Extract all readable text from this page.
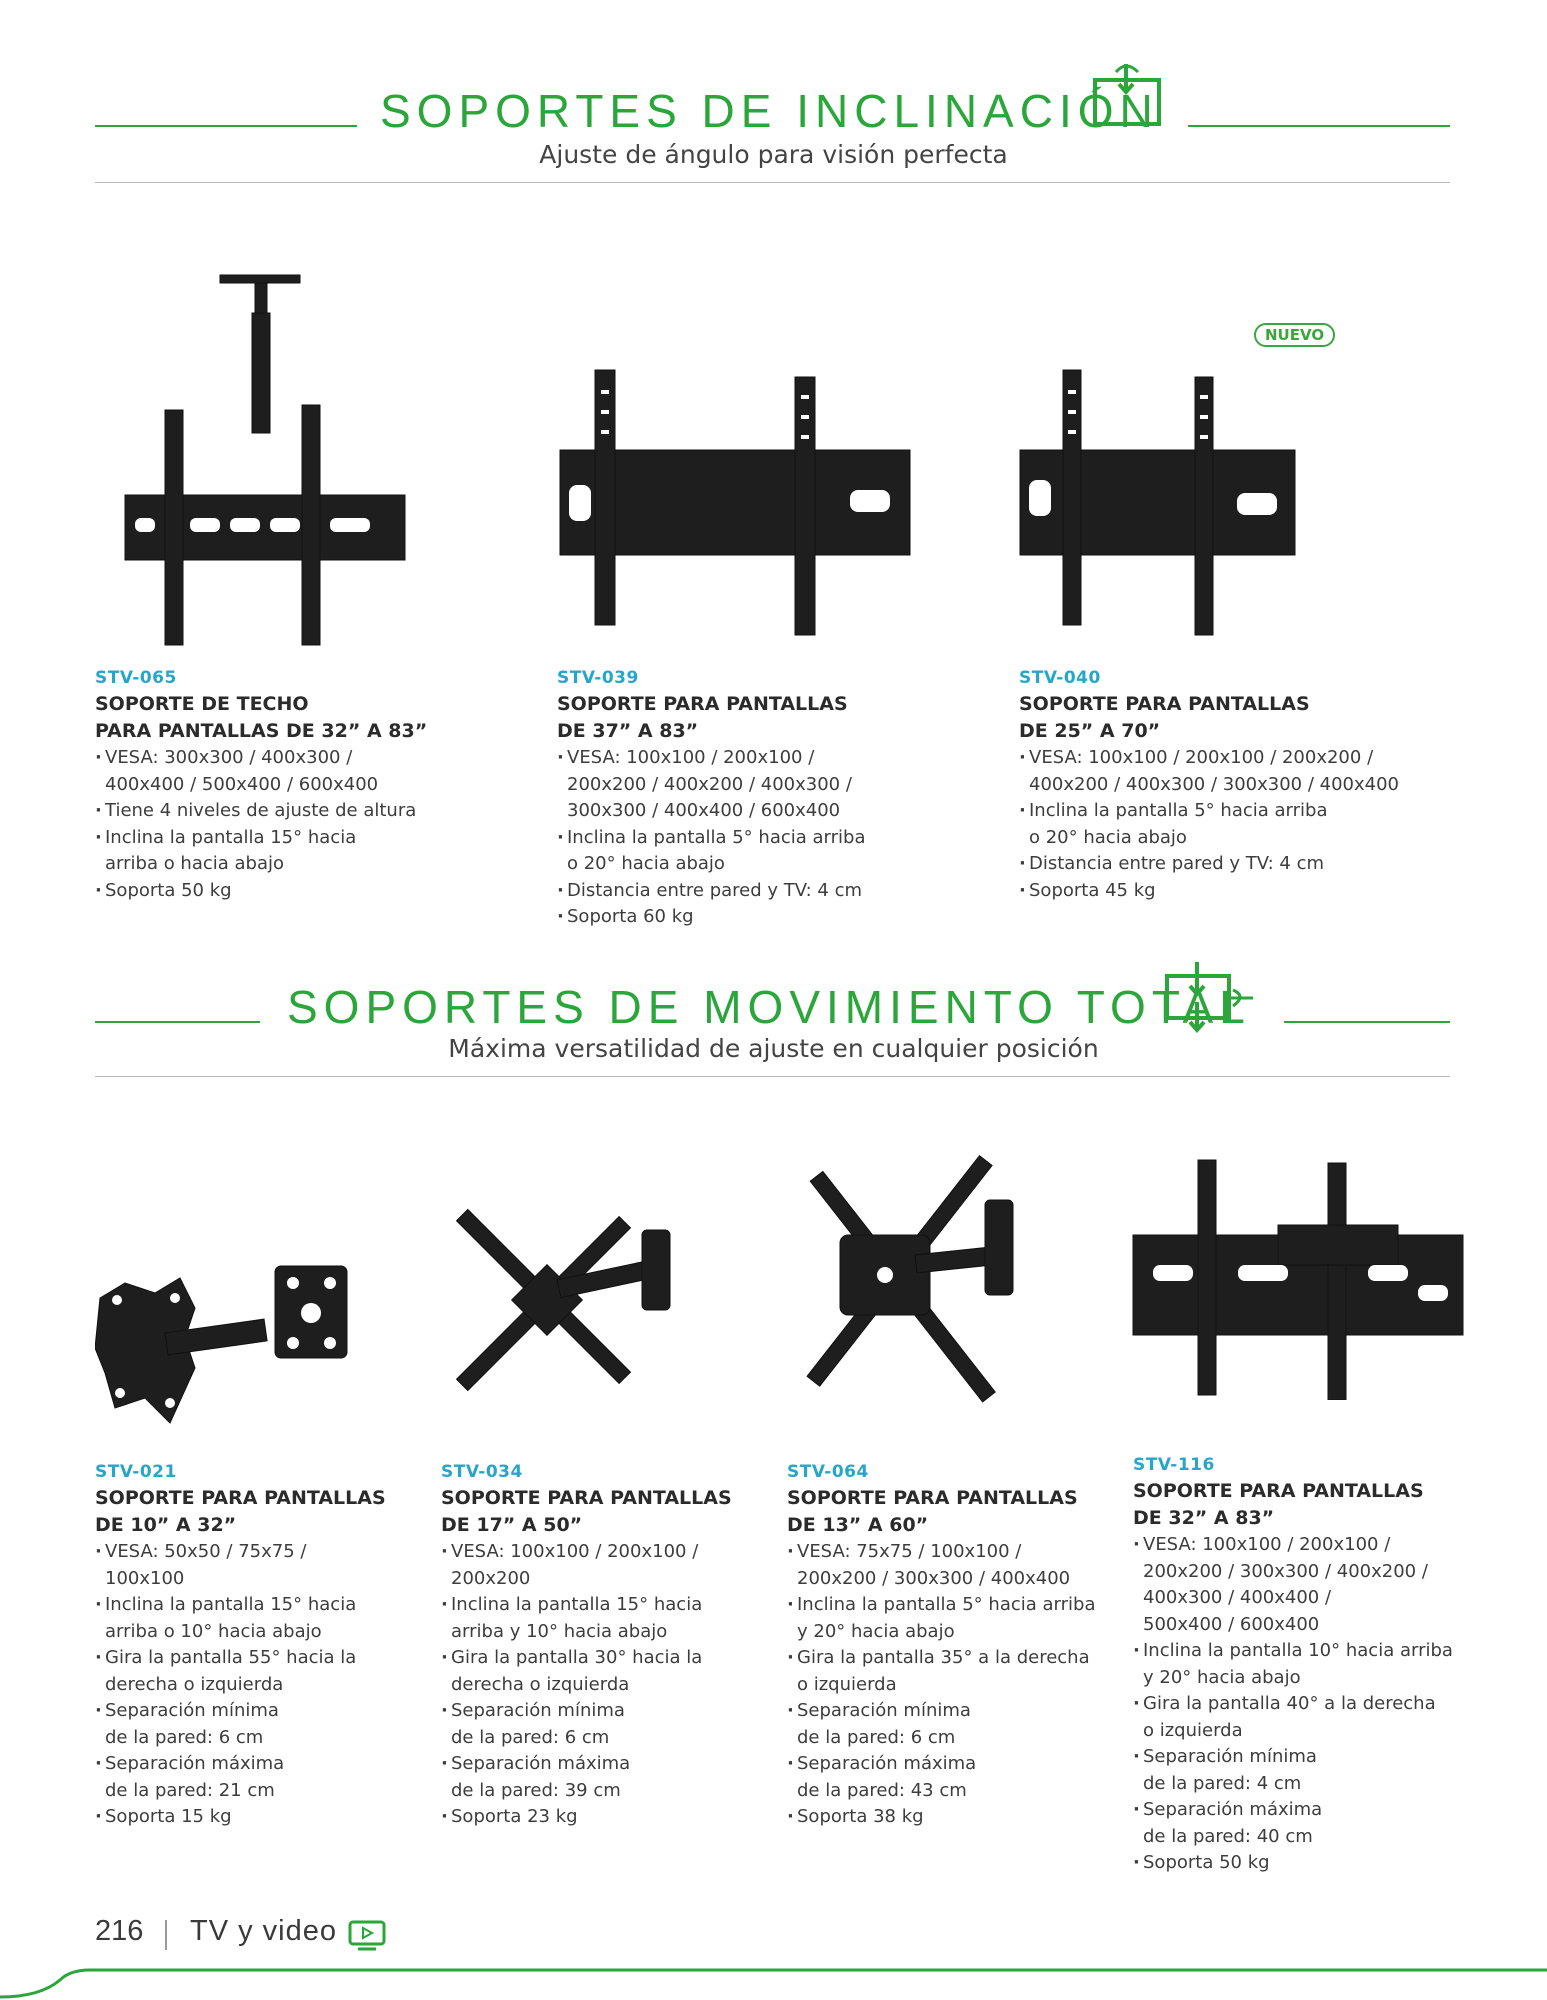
SOPORTES DE INCLINACIÓN

Ajuste de ángulo para visión perfecta

NUEVO
STV-065
SOPORTE DE TECHO
PARA PANTALLAS DE 32” A 83”
· VESA: 300x300 / 400x300 /
400x400 / 500x400 / 600x400
· Tiene 4 niveles de ajuste de altura
· Inclina la pantalla 15° hacia
arriba o hacia abajo
· Soporta 50 kg
STV-039
SOPORTE PARA PANTALLAS
DE 37” A 83”
· VESA: 100x100 / 200x100 /
200x200 / 400x200 / 400x300 /
300x300 / 400x400 / 600x400
· Inclina la pantalla 5° hacia arriba
o 20° hacia abajo
· Distancia entre pared y TV: 4 cm
· Soporta 60 kg
STV-040
SOPORTE PARA PANTALLAS
DE 25” A 70”
· VESA: 100x100 / 200x100 / 200x200 /
400x200 / 400x300 / 300x300 / 400x400
· Inclina la pantalla 5° hacia arriba
o 20° hacia abajo
· Distancia entre pared y TV: 4 cm
· Soporta 45 kg
SOPORTES DE MOVIMIENTO TOTAL

Máxima versatilidad de ajuste en cualquier posición

STV-021
SOPORTE PARA PANTALLAS
DE 10” A 32”
· VESA: 50x50 / 75x75 /
100x100
· Inclina la pantalla 15° hacia
arriba o 10° hacia abajo
· Gira la pantalla 55° hacia la
derecha o izquierda
· Separación mínima
de la pared: 6 cm
· Separación máxima
de la pared: 21 cm
· Soporta 15 kg
STV-034
SOPORTE PARA PANTALLAS
DE 17” A 50”
· VESA: 100x100 / 200x100 /
200x200
· Inclina la pantalla 15° hacia
arriba y 10° hacia abajo
· Gira la pantalla 30° hacia la
derecha o izquierda
· Separación mínima
de la pared: 6 cm
· Separación máxima
de la pared: 39 cm
· Soporta 23 kg
STV-064
SOPORTE PARA PANTALLAS
DE 13” A 60”
· VESA: 75x75 / 100x100 /
200x200 / 300x300 / 400x400
· Inclina la pantalla 5° hacia arriba
y 20° hacia abajo
· Gira la pantalla 35° a la derecha
o izquierda
· Separación mínima
de la pared: 6 cm
· Separación máxima
de la pared: 43 cm
· Soporta 38 kg
STV-116
SOPORTE PARA PANTALLAS
DE 32” A 83”
· VESA: 100x100 / 200x100 /
200x200 / 300x300 / 400x200 /
400x300 / 400x400 /
500x400 / 600x400
· Inclina la pantalla 10° hacia arriba
y 20° hacia abajo
· Gira la pantalla 40° a la derecha
o izquierda
· Separación mínima
de la pared: 4 cm
· Separación máxima
de la pared: 40 cm
· Soporta 50 kg
216 TV y video
